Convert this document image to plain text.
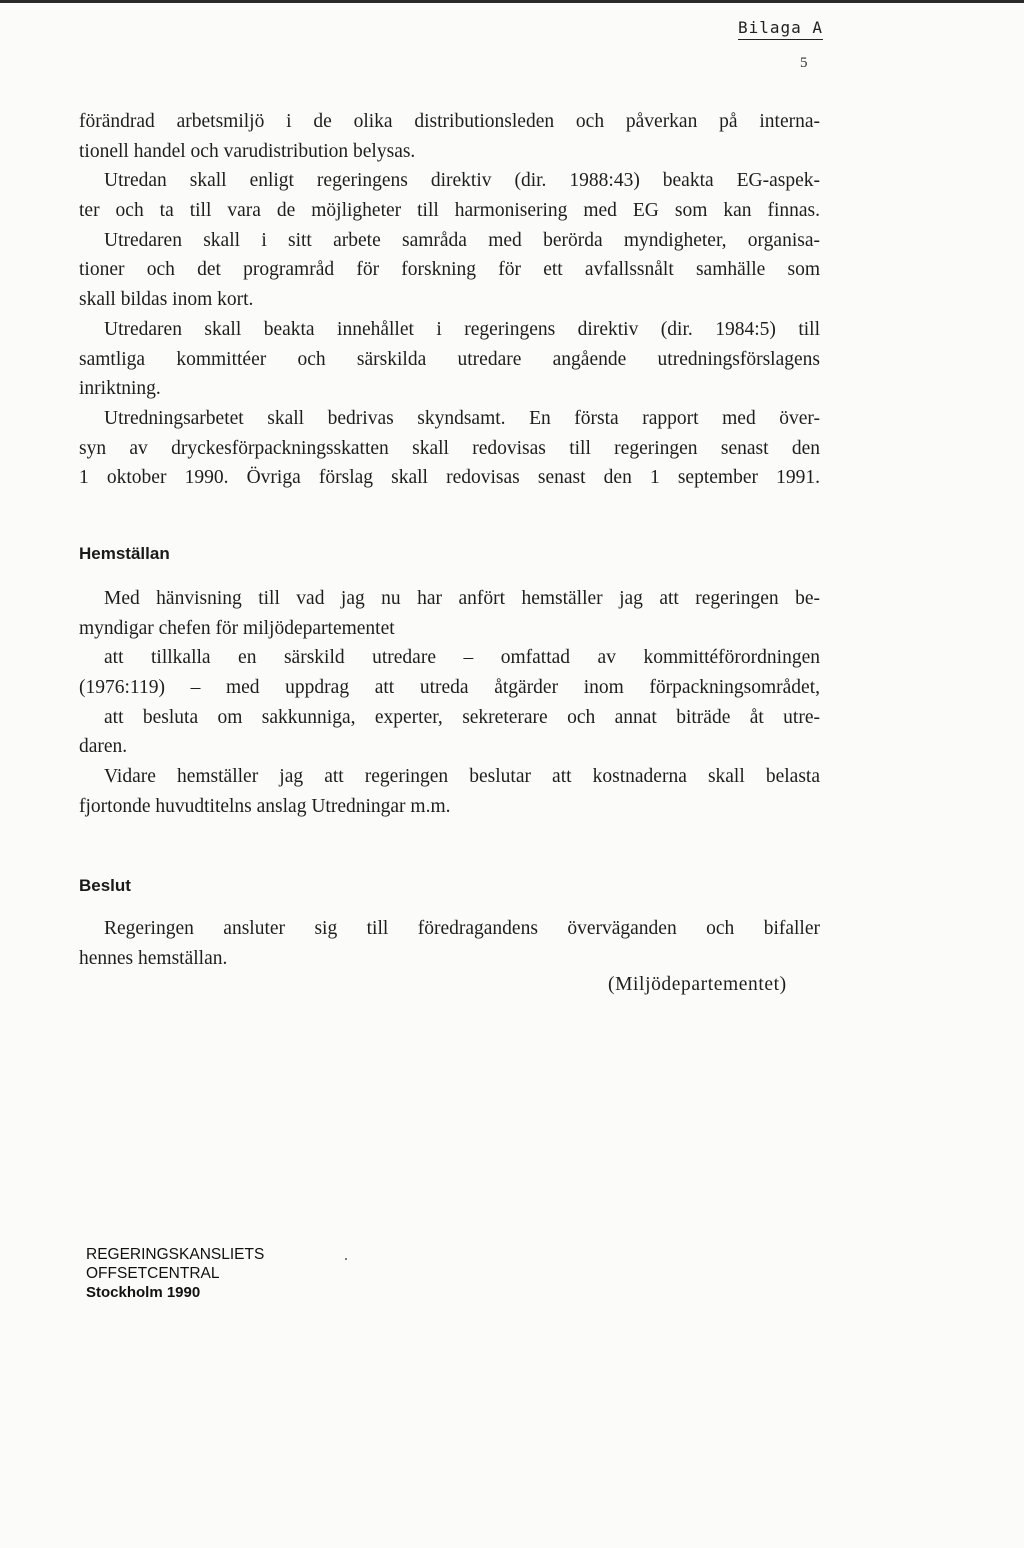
Bilaga A
5
förändrad arbetsmiljö i de olika distributionsleden och påverkan på interna-
tionell handel och varudistribution belysas.
Utredan skall enligt regeringens direktiv (dir. 1988:43) beakta EG-aspek-
ter och ta till vara de möjligheter till harmonisering med EG som kan finnas.
Utredaren skall i sitt arbete samråda med berörda myndigheter, organisa-
tioner och det programråd för forskning för ett avfallssnålt samhälle som
skall bildas inom kort.
Utredaren skall beakta innehållet i regeringens direktiv (dir. 1984:5) till
samtliga kommittéer och särskilda utredare angående utredningsförslagens
inriktning.
Utredningsarbetet skall bedrivas skyndsamt. En första rapport med över-
syn av dryckesförpackningsskatten skall redovisas till regeringen senast den
1 oktober 1990. Övriga förslag skall redovisas senast den 1 september 1991.
Hemställan
Med hänvisning till vad jag nu har anfört hemställer jag att regeringen be-
myndigar chefen för miljödepartementet
att tillkalla en särskild utredare – omfattad av kommittéförordningen
(1976:119) – med uppdrag att utreda åtgärder inom förpackningsområdet,
att besluta om sakkunniga, experter, sekreterare och annat biträde åt utre-
daren.
Vidare hemställer jag att regeringen beslutar att kostnaderna skall belasta
fjortonde huvudtitelns anslag Utredningar m.m.
Beslut
Regeringen ansluter sig till föredragandens överväganden och bifaller
hennes hemställan.
(Miljödepartementet)
REGERINGSKANSLIETS
OFFSETCENTRAL
Stockholm 1990
